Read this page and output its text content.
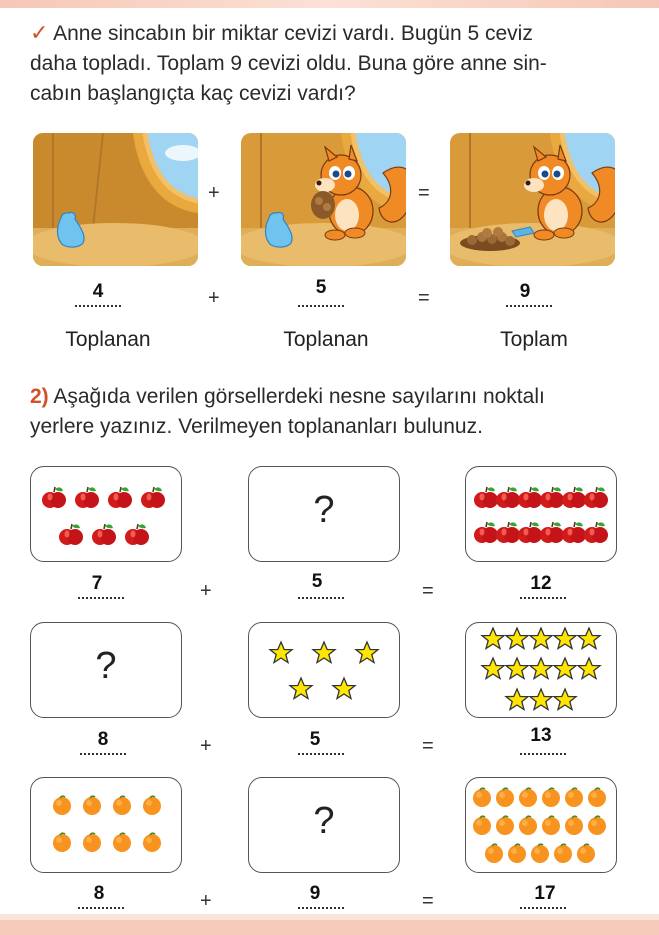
✓ Anne sincabın bir miktar cevizi vardı. Bugün 5 ceviz
daha topladı. Toplam 9 cevizi oldu. Buna göre anne sin-
cabın başlangıçta kaç cevizi vardı?
+	=
4	+	5	=	9
Toplanan	Toplanan	Toplam
2) Aşağıda verilen görsellerdeki nesne sayılarını noktalı
yerlere yazınız. Verilmeyen toplananları bulunuz.
?
7	+	5	=	12
?
8	+	5	=	13
?
8	+	9	=	17
